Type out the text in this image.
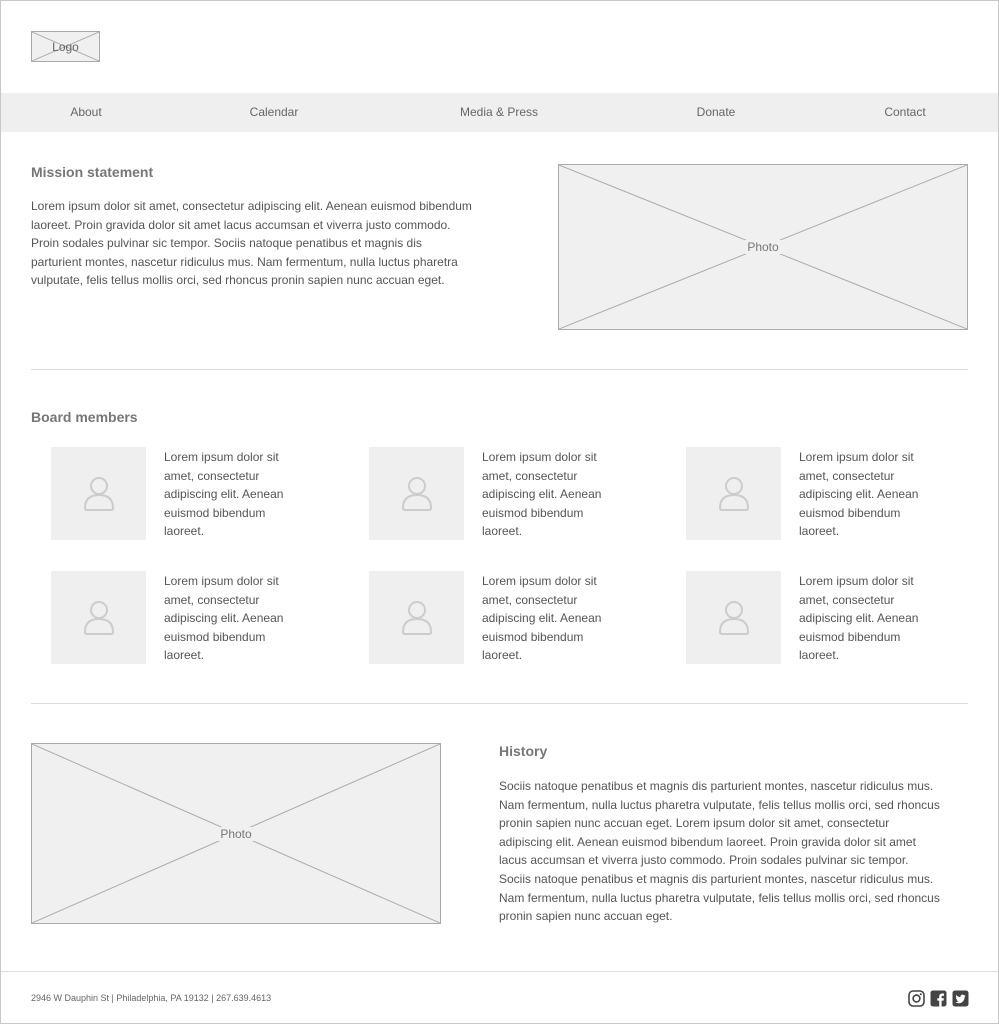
Logo
About	Calendar	Media & Press	Donate	Contact
Mission statement
Lorem ipsum dolor sit amet, consectetur adipiscing elit. Aenean euismod bibendum
laoreet. Proin gravida dolor sit amet lacus accumsan et viverra justo commodo.
Proin sodales pulvinar sic tempor. Sociis natoque penatibus et magnis dis
parturient montes, nascetur ridiculus mus. Nam fermentum, nulla luctus pharetra
vulputate, felis tellus mollis orci, sed rhoncus pronin sapien nunc accuan eget.
Photo
Board members
Lorem ipsum dolor sit
amet, consectetur
adipiscing elit. Aenean
euismod bibendum
laoreet.
Lorem ipsum dolor sit
amet, consectetur
adipiscing elit. Aenean
euismod bibendum
laoreet.
Lorem ipsum dolor sit
amet, consectetur
adipiscing elit. Aenean
euismod bibendum
laoreet.
Lorem ipsum dolor sit
amet, consectetur
adipiscing elit. Aenean
euismod bibendum
laoreet.
Lorem ipsum dolor sit
amet, consectetur
adipiscing elit. Aenean
euismod bibendum
laoreet.
Lorem ipsum dolor sit
amet, consectetur
adipiscing elit. Aenean
euismod bibendum
laoreet.
Photo
History
Sociis natoque penatibus et magnis dis parturient montes, nascetur ridiculus mus.
Nam fermentum, nulla luctus pharetra vulputate, felis tellus mollis orci, sed rhoncus
pronin sapien nunc accuan eget. Lorem ipsum dolor sit amet, consectetur
adipiscing elit. Aenean euismod bibendum laoreet. Proin gravida dolor sit amet
lacus accumsan et viverra justo commodo. Proin sodales pulvinar sic tempor.
Sociis natoque penatibus et magnis dis parturient montes, nascetur ridiculus mus.
Nam fermentum, nulla luctus pharetra vulputate, felis tellus mollis orci, sed rhoncus
pronin sapien nunc accuan eget.
2946 W Dauphin St | Philadelphia, PA 19132 | 267.639.4613
